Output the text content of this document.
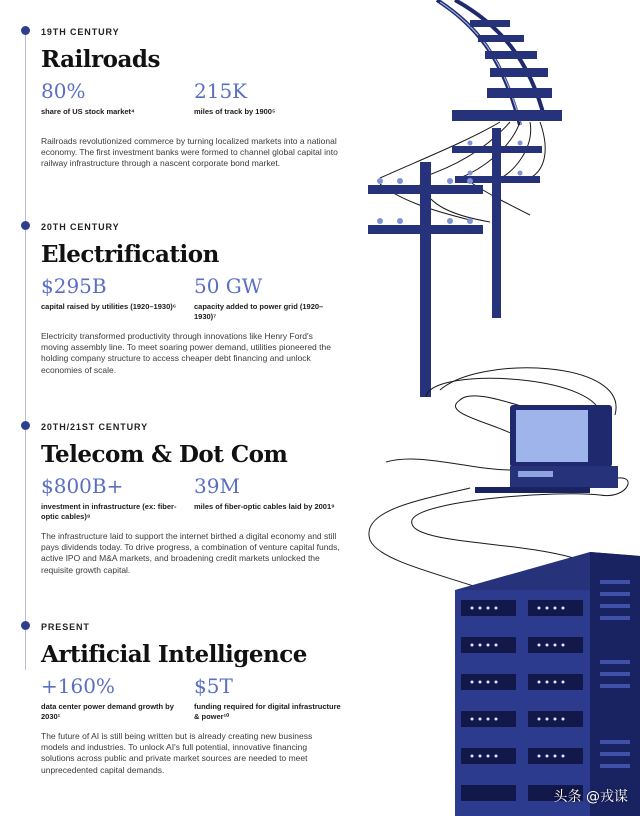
19TH CENTURY
Railroads
80%
share of US stock market⁴
215K
miles of track by 1900⁵
Railroads revolutionized commerce by turning localized markets into a national economy. The first investment banks were formed to channel global capital into railway infrastructure through a nascent corporate bond market.
20TH CENTURY
Electrification
$295B
capital raised by utilities (1920–1930)⁶
50 GW
capacity added to power grid (1920–1930)⁷
Electricity transformed productivity through innovations like Henry Ford's moving assembly line. To meet soaring power demand, utilities pioneered the holding company structure to access cheaper debt financing and unlock economies of scale.
20TH/21ST CENTURY
Telecom & Dot Com
$800B+
investment in infrastructure (ex: fiber-optic cables)⁸
39M
miles of fiber-optic cables laid by 2001⁹
The infrastructure laid to support the internet birthed a digital economy and still pays dividends today. To drive progress, a combination of venture capital funds, active IPO and M&A markets, and broadening credit markets unlocked the requisite growth capital.
PRESENT
Artificial Intelligence
+160%
data center power demand growth by 2030¹
$5T
funding required for digital infrastructure & power¹⁰
The future of AI is still being written but is already creating new business models and industries. To unlock AI's full potential, innovative financing solutions across public and private market sources are needed to meet unprecedented capital demands.
头条 @戎谋
